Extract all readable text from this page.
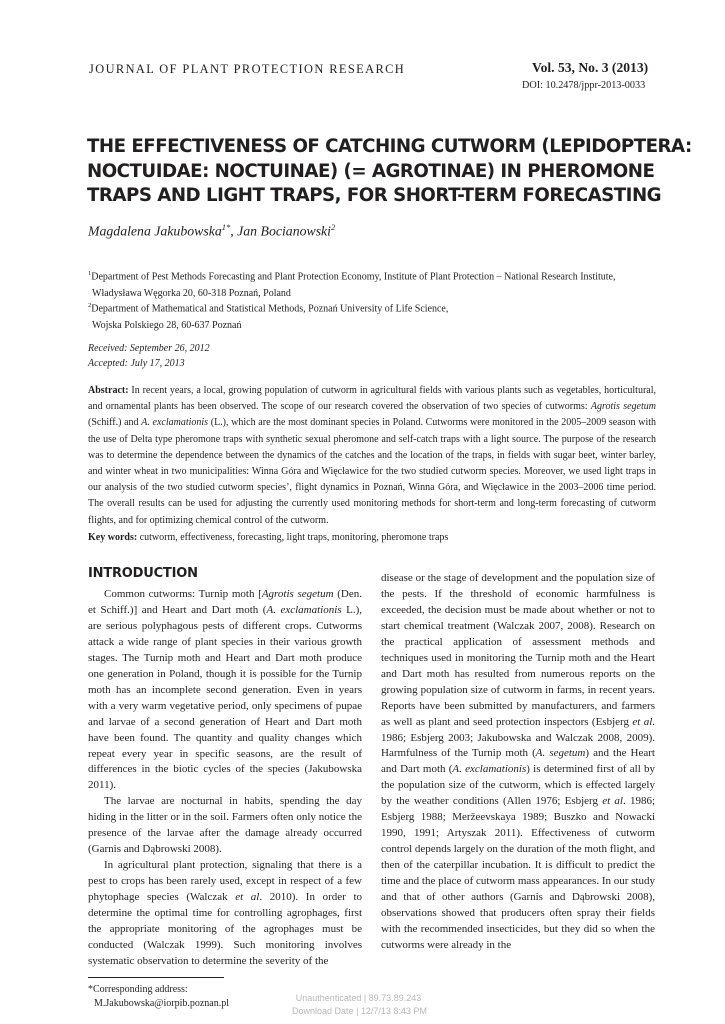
JOURNAL OF PLANT PROTECTION RESEARCH	Vol. 53, No. 3 (2013)
DOI: 10.2478/jppr-2013-0033
THE EFFECTIVENESS OF CATCHING CUTWORM (LEPIDOPTERA:
NOCTUIDAE: NOCTUINAE) (= AGROTINAE) IN PHEROMONE
TRAPS AND LIGHT TRAPS, FOR SHORT-TERM FORECASTING
Magdalena Jakubowska$^{1*}$, Jan Bocianowski$^2$
$^1$Department of Pest Methods Forecasting and Plant Protection Economy, Institute of Plant Protection – National Research Institute,
Władysława Węgorka 20, 60-318 Poznań, Poland
$^2$Department of Mathematical and Statistical Methods, Poznań University of Life Science,
Wojska Polskiego 28, 60-637 Poznań
Received: September 26, 2012
Accepted: July 17, 2013

Abstract: In recent years, a local, growing population of cutworm in agricultural fields with various plants such as vegetables, horticultural, and ornamental plants has been observed. The scope of our research covered the observation of two species of cutworms: Agrotis segetum (Schiff.) and A. exclamationis (L.), which are the most dominant species in Poland. Cutworms were monitored in the 2005–2009 season with the use of Delta type pheromone traps with synthetic sexual pheromone and self-catch traps with a light source. The purpose of the research was to determine the dependence between the dynamics of the catches and the location of the traps, in fields with sugar beet, winter barley, and winter wheat in two municipalities: Winna Góra and Więcławice for the two studied cutworm species. Moreover, we used light traps in our analysis of the two studied cutworm species’, flight dynamics in Poznań, Winna Góra, and Więcławice in the 2003–2006 time period. The overall results can be used for adjusting the currently used monitoring methods for short-term and long-term forecasting of cutworm flights, and for optimizing chemical control of the cutworm.

Key words: cutworm, effectiveness, forecasting, light traps, monitoring, pheromone traps
INTRODUCTION

Common cutworms: Turnip moth [Agrotis segetum (Den. et Schiff.)] and Heart and Dart moth (A. exclamationis L.), are serious polyphagous pests of different crops. Cutworms attack a wide range of plant species in their various growth stages. The Turnip moth and Heart and Dart moth produce one generation in Poland, though it is possible for the Turnip moth has an incomplete second generation. Even in years with a very warm vegetative period, only specimens of pupae and larvae of a second generation of Heart and Dart moth have been found. The quantity and quality changes which repeat every year in specific seasons, are the result of differences in the biotic cycles of the species (Jakubowska 2011).

The larvae are nocturnal in habits, spending the day hiding in the litter or in the soil. Farmers often only notice the presence of the larvae after the damage already occurred (Garnis and Dąbrowski 2008).

In agricultural plant protection, signaling that there is a pest to crops has been rarely used, except in respect of a few phytophage species (Walczak et al. 2010). In order to determine the optimal time for controlling agrophages, first the appropriate monitoring of the agrophages must be conducted (Walczak 1999). Such monitoring involves systematic observation to determine the severity of the

disease or the stage of development and the population size of the pests. If the threshold of economic harmfulness is exceeded, the decision must be made about whether or not to start chemical treatment (Walczak 2007, 2008). Research on the practical application of assessment methods and techniques used in monitoring the Turnip moth and the Heart and Dart moth has resulted from numerous reports on the growing population size of cutworm in farms, in recent years. Reports have been submitted by manufacturers, and farmers as well as plant and seed protection inspectors (Esbjerg et al. 1986; Esbjerg 2003; Jakubowska and Walczak 2008, 2009). Harmfulness of the Turnip moth (A. segetum) and the Heart and Dart moth (A. exclamationis) is determined first of all by the population size of the cutworm, which is effected largely by the weather conditions (Allen 1976; Esbjerg et al. 1986; Esbjerg 1988; Meržeevskaya 1989; Buszko and Nowacki 1990, 1991; Artyszak 2011). Effectiveness of cutworm control depends largely on the duration of the moth flight, and then of the caterpillar incubation. It is difficult to predict the time and the place of cutworm mass appearances. In our study and that of other authors (Garnis and Dąbrowski 2008), observations showed that producers often spray their fields with the recommended insecticides, but they did so when the cutworms were already in the

*Corresponding address:
M.Jakubowska@iorpib.poznan.pl	Unauthenticated | 89.73.89.243
Download Date | 12/7/13 8:43 PM
